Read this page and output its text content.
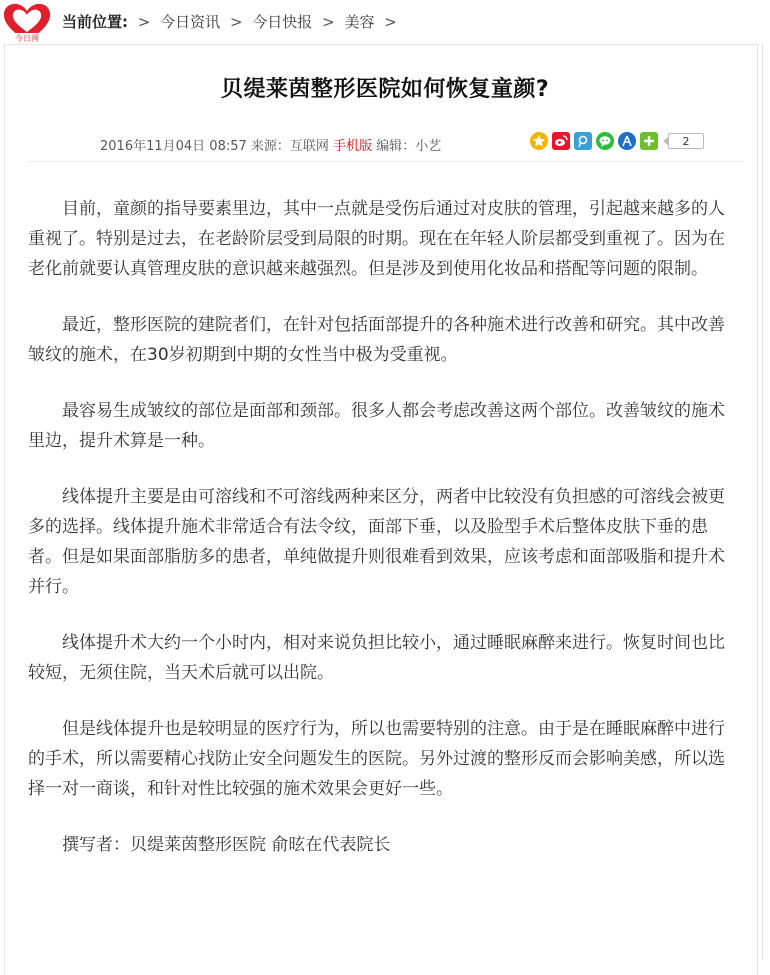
今日网
当前位置: > 今日资讯 > 今日快报 > 美容 >
贝缇莱茵整形医院如何恢复童颜?
2016年11月04日 08:57 来源：互联网 手机版 编辑：小艺	2

目前，童颜的指导要素里边，其中一点就是受伤后通过对皮肤的管理，引起越来越多的人重视了。特别是过去，在老龄阶层受到局限的时期。现在在年轻人阶层都受到重视了。因为在老化前就要认真管理皮肤的意识越来越强烈。但是涉及到使用化妆品和搭配等问题的限制。

最近，整形医院的建院者们，在针对包括面部提升的各种施术进行改善和研究。其中改善皱纹的施术，在30岁初期到中期的女性当中极为受重视。

最容易生成皱纹的部位是面部和颈部。很多人都会考虑改善这两个部位。改善皱纹的施术里边，提升术算是一种。

线体提升主要是由可溶线和不可溶线两种来区分，两者中比较没有负担感的可溶线会被更多的选择。线体提升施术非常适合有法令纹，面部下垂，以及脸型手术后整体皮肤下垂的患者。但是如果面部脂肪多的患者，单纯做提升则很难看到效果，应该考虑和面部吸脂和提升术并行。

线体提升术大约一个小时内，相对来说负担比较小，通过睡眠麻醉来进行。恢复时间也比较短，无须住院，当天术后就可以出院。

但是线体提升也是较明显的医疗行为，所以也需要特别的注意。由于是在睡眠麻醉中进行的手术，所以需要精心找防止安全问题发生的医院。另外过渡的整形反而会影响美感，所以选择一对一商谈，和针对性比较强的施术效果会更好一些。

撰写者：贝缇莱茵整形医院 俞昡在代表院长
